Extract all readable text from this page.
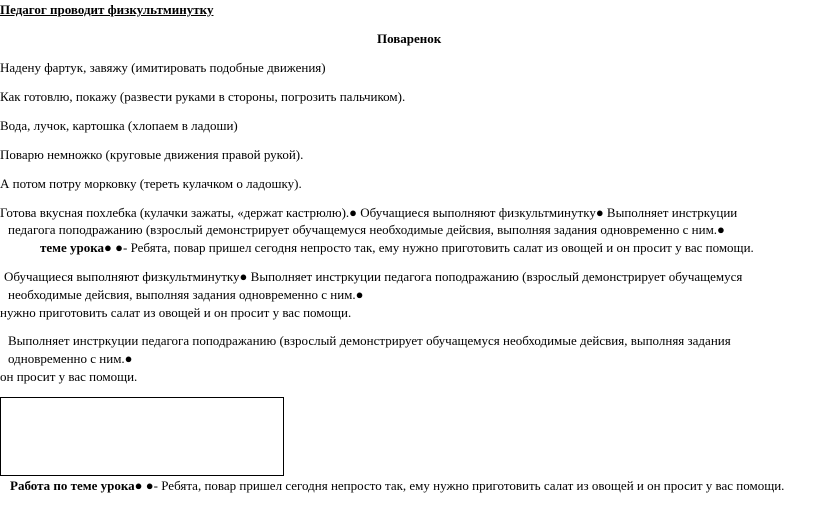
Педагог проводит физкультминутку
Поваренок
Надену фартук, завяжу (имитировать подобные движения)
Как готовлю, покажу (развести руками в стороны, погрозить пальчиком).
Вода, лучок, картошка (хлопаем в ладоши)
Поварю немножко (круговые движения правой рукой).
А потом потру морковку (тереть кулачком о ладошку).
Готова вкусная похлебка (кулачки зажаты, «держат кастрюлю).● Обучащиеся выполняют физкультминутку● Выполняет инстркуции
педагога поподражанию (взрослый демонстрирует обучащемуся необходимые дейсвия, выполняя задания одновременно с ним.●
теме урока● ●- Ребята, повар пришел сегодня непросто так, ему нужно приготовить салат из овощей и он просит у вас помощи.
Обучащиеся выполняют физкультминутку● Выполняет инстркуции педагога поподражанию (взрослый демонстрирует обучащемуся
необходимые дейсвия, выполняя задания одновременно с ним.●
нужно приготовить салат из овощей и он просит у вас помощи.
Выполняет инстркуции педагога поподражанию (взрослый демонстрирует обучащемуся необходимые дейсвия, выполняя задания
одновременно с ним.●
он просит у вас помощи.
Работа по теме урока● ●- Ребята, повар пришел сегодня непросто так, ему нужно приготовить салат из овощей и он просит у вас помощи.
